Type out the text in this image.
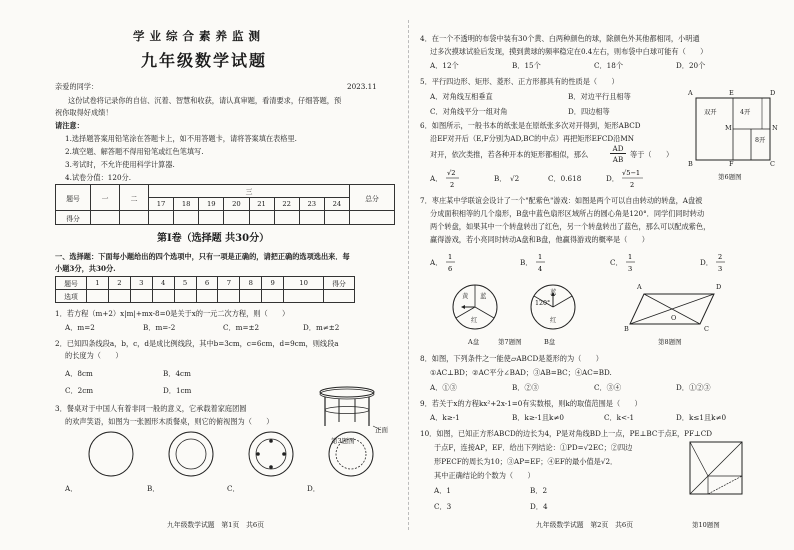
学业综合素养监测
九年级数学试题
亲爱的同学：	2023.11
这份试卷将记录你的自信、沉着、智慧和收获，请认真审题，看清要求，仔细答题，预
祝你取得好成绩！
请注意：
1.选择题答案用铅笔涂在答题卡上，如不用答题卡，请将答案填在表格里.
2.填空题、解答题不得用铅笔或红色笔填写.
3.考试时，不允许使用科学计算器.
4.试卷分值：120分.
题号	一	二	三								总分
			17	18	19	20	21	22	23	24	
得分											
第Ⅰ卷（选择题 共30分）
一、选择题：下面每小题给出的四个选项中，只有一项是正确的，请把正确的选项选出来．每
小题3分，共30分.
题号	1	2	3	4	5	6	7	8	9	10	得分
选项											
1．若方程（m+2）x|m|+mx-8=0是关于x的一元二次方程，则（　　）
A．m=2	B．m=-2	C．m=±2	D．m≠±2
2．已知四条线段a，b，c，d是成比例线段，其中b=3cm，c=6cm，d=9cm，则线段a
的长度为（　　）
A．8cm	B．4cm
C．2cm	D．1cm
3．餐桌对于中国人有着非同一般的意义，它承载着家庭团圆
的欢声笑语，如图为一张圆形木质餐桌，则它的俯视图为（　　）
正面
第3题图
A．	B．	C．	D．
九年级数学试题　第1页　共6页
4．在一个不透明的布袋中装有30个黄、白两种颜色的球，除颜色外其他都相同，小明通
过多次摸球试验后发现，摸到黄球的频率稳定在0.4左右，则布袋中白球可能有（　　）
A．12个	B．15个	C．18个	D．20个
5．平行四边形、矩形、菱形、正方形都具有的性质是（　　）
A．对角线互相垂直	B．对边平行且相等
C．对角线平分一组对角	D．四边相等
6．如图所示，一般书本的纸张是在原纸张多次对开得到，矩形ABCD
沿EF对开后（E,F分别为AD,BC的中点）再把矩形EFCD沿MN
对开，依次类推，若各种开本的矩形都相似，那么
AD
AB
等于（　　）
A．
√2
2
B． √2	C．0.618	D．
√5−1
2
A	E	D
双开	4开
M	N
8开
B	F	C
第6题图
7．枣庄某中学联谊会设计了一个"配紫色"游戏：如图是两个可以自由转动的转盘，A盘被
分成面积相等的几个扇形，B盘中蓝色扇形区域所占的圆心角是120°．同学们同时转动
两个转盘，如果其中一个转盘转出了红色，另一个转盘转出了蓝色，那么可以配成紫色，
赢得游戏，若小亮同时转动A盘和B盘，他赢得游戏的概率是（　　）
A．
1
6
B．
1
4
C．
1
3
D．
2
3
黄 蓝
红
蓝
120°
红
A盘	第7题图	B盘
A	D
O
B	C
第8题图
8．如图，下列条件之一能使▱ABCD是菱形的为（　　）
①AC⊥BD；②AC平分∠BAD；③AB=BC；④AC=BD.
A．①③	B．②③	C．③④	D．①②③
9．若关于x的方程kx²+2x-1=0有实数根，则k的取值范围是（　　）
A．k≥-1	B．k≥-1且k≠0	C．k<-1	D．k≤1且k≠0
10．如图，已知正方形ABCD的边长为4，P是对角线BD上一点，PE⊥BC于点E，PF⊥CD
于点F，连接AP，EF．给出下列结论：①PD=√2EC；②四边
形PECF的周长为10；③AP=EF；④EF的最小值是√2．
其中正确结论的个数为（　　）
A．1	B．2
C．3	D．4
第10题图
九年级数学试题　第2页　共6页
